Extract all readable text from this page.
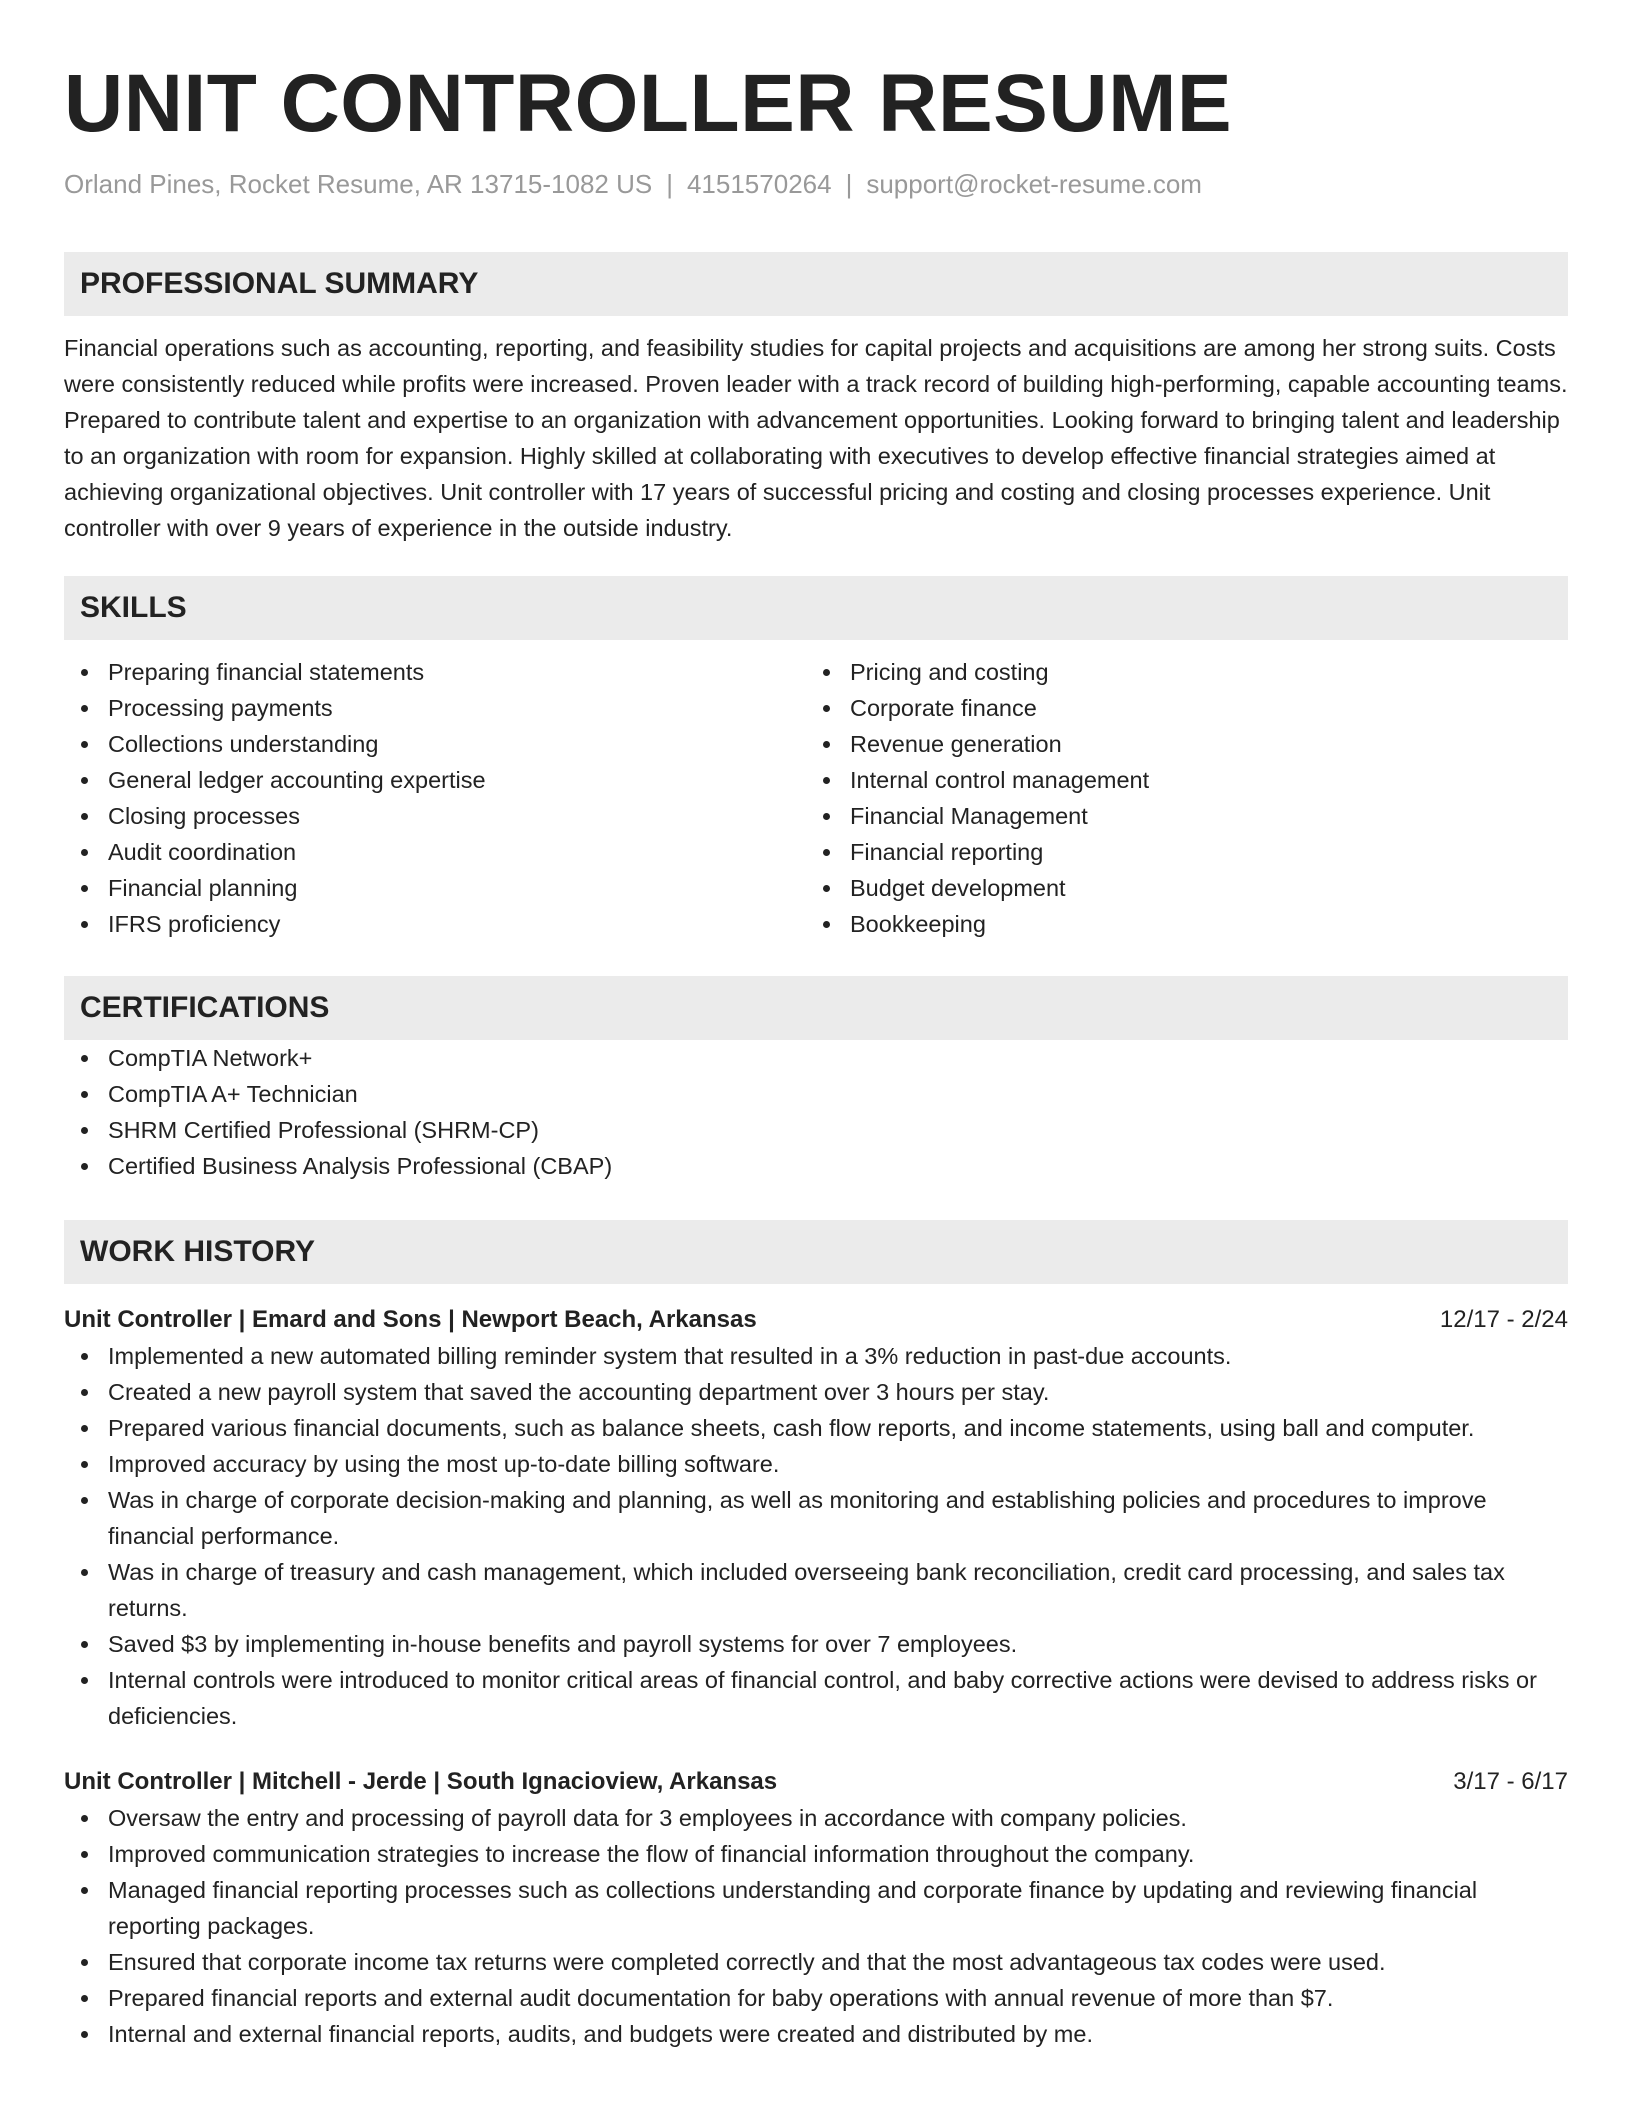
UNIT CONTROLLER RESUME
Orland Pines, Rocket Resume, AR 13715-1082 US | 4151570264 | support@rocket-resume.com
PROFESSIONAL SUMMARY
Financial operations such as accounting, reporting, and feasibility studies for capital projects and acquisitions are among her strong suits. Costs were consistently reduced while profits were increased. Proven leader with a track record of building high-performing, capable accounting teams. Prepared to contribute talent and expertise to an organization with advancement opportunities. Looking forward to bringing talent and leadership to an organization with room for expansion. Highly skilled at collaborating with executives to develop effective financial strategies aimed at achieving organizational objectives. Unit controller with 17 years of successful pricing and costing and closing processes experience. Unit controller with over 9 years of experience in the outside industry.
SKILLS
Preparing financial statements
Processing payments
Collections understanding
General ledger accounting expertise
Closing processes
Audit coordination
Financial planning
IFRS proficiency
Pricing and costing
Corporate finance
Revenue generation
Internal control management
Financial Management
Financial reporting
Budget development
Bookkeeping
CERTIFICATIONS
CompTIA Network+
CompTIA A+ Technician
SHRM Certified Professional (SHRM-CP)
Certified Business Analysis Professional (CBAP)
WORK HISTORY
Unit Controller | Emard and Sons | Newport Beach, Arkansas	12/17 - 2/24
Implemented a new automated billing reminder system that resulted in a 3% reduction in past-due accounts.
Created a new payroll system that saved the accounting department over 3 hours per stay.
Prepared various financial documents, such as balance sheets, cash flow reports, and income statements, using ball and computer.
Improved accuracy by using the most up-to-date billing software.
Was in charge of corporate decision-making and planning, as well as monitoring and establishing policies and procedures to improve financial performance.
Was in charge of treasury and cash management, which included overseeing bank reconciliation, credit card processing, and sales tax returns.
Saved $3 by implementing in-house benefits and payroll systems for over 7 employees.
Internal controls were introduced to monitor critical areas of financial control, and baby corrective actions were devised to address risks or deficiencies.
Unit Controller | Mitchell - Jerde | South Ignacioview, Arkansas	3/17 - 6/17
Oversaw the entry and processing of payroll data for 3 employees in accordance with company policies.
Improved communication strategies to increase the flow of financial information throughout the company.
Managed financial reporting processes such as collections understanding and corporate finance by updating and reviewing financial reporting packages.
Ensured that corporate income tax returns were completed correctly and that the most advantageous tax codes were used.
Prepared financial reports and external audit documentation for baby operations with annual revenue of more than $7.
Internal and external financial reports, audits, and budgets were created and distributed by me.
